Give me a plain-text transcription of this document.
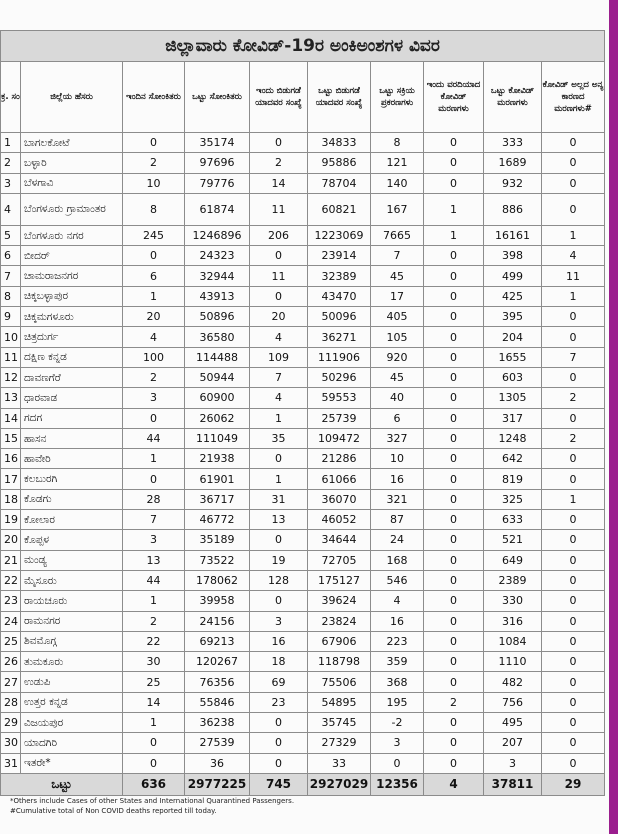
ಜಿಲ್ಲಾವಾರು ಕೋವಿಡ್-19ರ ಅಂಕಿಅಂಶಗಳ ವಿವರ									
ಕ್ರ. ಸಂ	ಜಿಲ್ಲೆಯ ಹೆಸರು	ಇಂದಿನ ಸೋಂಕಿತರು	ಒಟ್ಟು ಸೋಂಕಿತರು	ಇಂದು ಬಿಡುಗಡೆ ಯಾದವರ ಸಂಖ್ಯೆ	ಒಟ್ಟು ಬಿಡುಗಡೆ ಯಾದವರ ಸಂಖ್ಯೆ	ಒಟ್ಟು ಸಕ್ರಿಯ ಪ್ರಕರಣಗಳು	ಇಂದು ವರದಿಯಾದ ಕೋವಿಡ್ ಮರಣಗಳು	ಒಟ್ಟು ಕೋವಿಡ್ ಮರಣಗಳು	ಕೋವಿಡ್ ಅಲ್ಲದ ಅನ್ಯ ಕಾರಣದ ಮರಣಗಳು#
1	ಬಾಗಲಕೋಟೆ	0	35174	0	34833	8	0	333	0
2	ಬಳ್ಳಾರಿ	2	97696	2	95886	121	0	1689	0
3	ಬೆಳಗಾವಿ	10	79776	14	78704	140	0	932	0
4	ಬೆಂಗಳೂರು ಗ್ರಾಮಾಂತರ	8	61874	11	60821	167	1	886	0
5	ಬೆಂಗಳೂರು ನಗರ	245	1246896	206	1223069	7665	1	16161	1
6	ಬೀದರ್	0	24323	0	23914	7	0	398	4
7	ಚಾಮರಾಜನಗರ	6	32944	11	32389	45	0	499	11
8	ಚಿಕ್ಕಬಳ್ಳಾಪುರ	1	43913	0	43470	17	0	425	1
9	ಚಿಕ್ಕಮಗಳೂರು	20	50896	20	50096	405	0	395	0
10	ಚಿತ್ರದುರ್ಗ	4	36580	4	36271	105	0	204	0
11	ದಕ್ಷಿಣ ಕನ್ನಡ	100	114488	109	111906	920	0	1655	7
12	ದಾವಣಗೆರೆ	2	50944	7	50296	45	0	603	0
13	ಧಾರವಾಡ	3	60900	4	59553	40	0	1305	2
14	ಗದಗ	0	26062	1	25739	6	0	317	0
15	ಹಾಸನ	44	111049	35	109472	327	0	1248	2
16	ಹಾವೇರಿ	1	21938	0	21286	10	0	642	0
17	ಕಲಬುರಗಿ	0	61901	1	61066	16	0	819	0
18	ಕೊಡಗು	28	36717	31	36070	321	0	325	1
19	ಕೋಲಾರ	7	46772	13	46052	87	0	633	0
20	ಕೊಪ್ಪಳ	3	35189	0	34644	24	0	521	0
21	ಮಂಡ್ಯ	13	73522	19	72705	168	0	649	0
22	ಮೈಸೂರು	44	178062	128	175127	546	0	2389	0
23	ರಾಯಚೂರು	1	39958	0	39624	4	0	330	0
24	ರಾಮನಗರ	2	24156	3	23824	16	0	316	0
25	ಶಿವಮೊಗ್ಗ	22	69213	16	67906	223	0	1084	0
26	ತುಮಕೂರು	30	120267	18	118798	359	0	1110	0
27	ಉಡುಪಿ	25	76356	69	75506	368	0	482	0
28	ಉತ್ತರ ಕನ್ನಡ	14	55846	23	54895	195	2	756	0
29	ವಿಜಯಪುರ	1	36238	0	35745	-2	0	495	0
30	ಯಾದಗಿರಿ	0	27539	0	27329	3	0	207	0
31	ಇತರೇ*	0	36	0	33	0	0	3	0
ಒಟ್ಟು		636	2977225	745	2927029	12356	4	37811	29
*Others include Cases of other States and International Quarantined Passengers.
#Cumulative total of Non COVID deaths reported till today.
